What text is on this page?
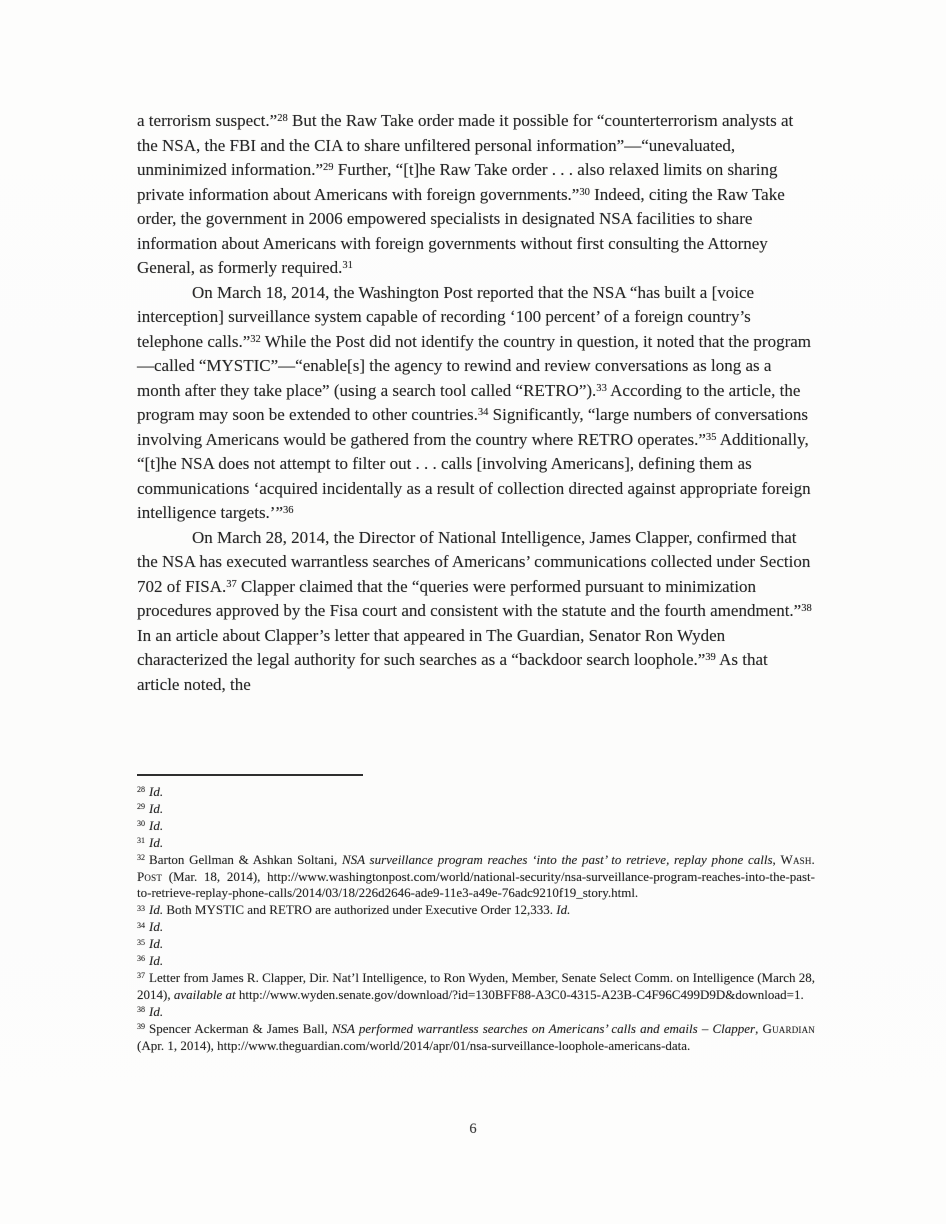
a terrorism suspect.”$^{28}$ But the Raw Take order made it possible for “counterterrorism analysts at the NSA, the FBI and the CIA to share unfiltered personal information”—“unevaluated, unminimized information.”$^{29}$ Further, “[t]he Raw Take order . . . also relaxed limits on sharing private information about Americans with foreign governments.”$^{30}$ Indeed, citing the Raw Take order, the government in 2006 empowered specialists in designated NSA facilities to share information about Americans with foreign governments without first consulting the Attorney General, as formerly required.$^{31}$

On March 18, 2014, the Washington Post reported that the NSA “has built a [voice interception] surveillance system capable of recording ‘100 percent’ of a foreign country’s telephone calls.”$^{32}$ While the Post did not identify the country in question, it noted that the program—called “MYSTIC”—“enable[s] the agency to rewind and review conversations as long as a month after they take place” (using a search tool called “RETRO”).$^{33}$ According to the article, the program may soon be extended to other countries.$^{34}$ Significantly, “large numbers of conversations involving Americans would be gathered from the country where RETRO operates.”$^{35}$ Additionally, “[t]he NSA does not attempt to filter out . . . calls [involving Americans], defining them as communications ‘acquired incidentally as a result of collection directed against appropriate foreign intelligence targets.’”$^{36}$

On March 28, 2014, the Director of National Intelligence, James Clapper, confirmed that the NSA has executed warrantless searches of Americans’ communications collected under Section 702 of FISA.$^{37}$ Clapper claimed that the “queries were performed pursuant to minimization procedures approved by the Fisa court and consistent with the statute and the fourth amendment.”$^{38}$ In an article about Clapper’s letter that appeared in The Guardian, Senator Ron Wyden characterized the legal authority for such searches as a “backdoor search loophole.”$^{39}$ As that article noted, the

$^{28}$ Id.
$^{29}$ Id.
$^{30}$ Id.
$^{31}$ Id.
$^{32}$ Barton Gellman & Ashkan Soltani, NSA surveillance program reaches ‘into the past’ to retrieve, replay phone calls, Wash. Post (Mar. 18, 2014), http://www.washingtonpost.com/world/national-security/nsa-surveillance-program-reaches-into-the-past-to-retrieve-replay-phone-calls/2014/03/18/226d2646-ade9-11e3-a49e-76adc9210f19_story.html.
$^{33}$ Id. Both MYSTIC and RETRO are authorized under Executive Order 12,333. Id.
$^{34}$ Id.
$^{35}$ Id.
$^{36}$ Id.
$^{37}$ Letter from James R. Clapper, Dir. Nat’l Intelligence, to Ron Wyden, Member, Senate Select Comm. on Intelligence (March 28, 2014), available at http://www.wyden.senate.gov/download/?id=130BFF88-A3C0-4315-A23B-C4F96C499D9D&download=1.
$^{38}$ Id.
$^{39}$ Spencer Ackerman & James Ball, NSA performed warrantless searches on Americans’ calls and emails – Clapper, Guardian (Apr. 1, 2014), http://www.theguardian.com/world/2014/apr/01/nsa-surveillance-loophole-americans-data.
6
